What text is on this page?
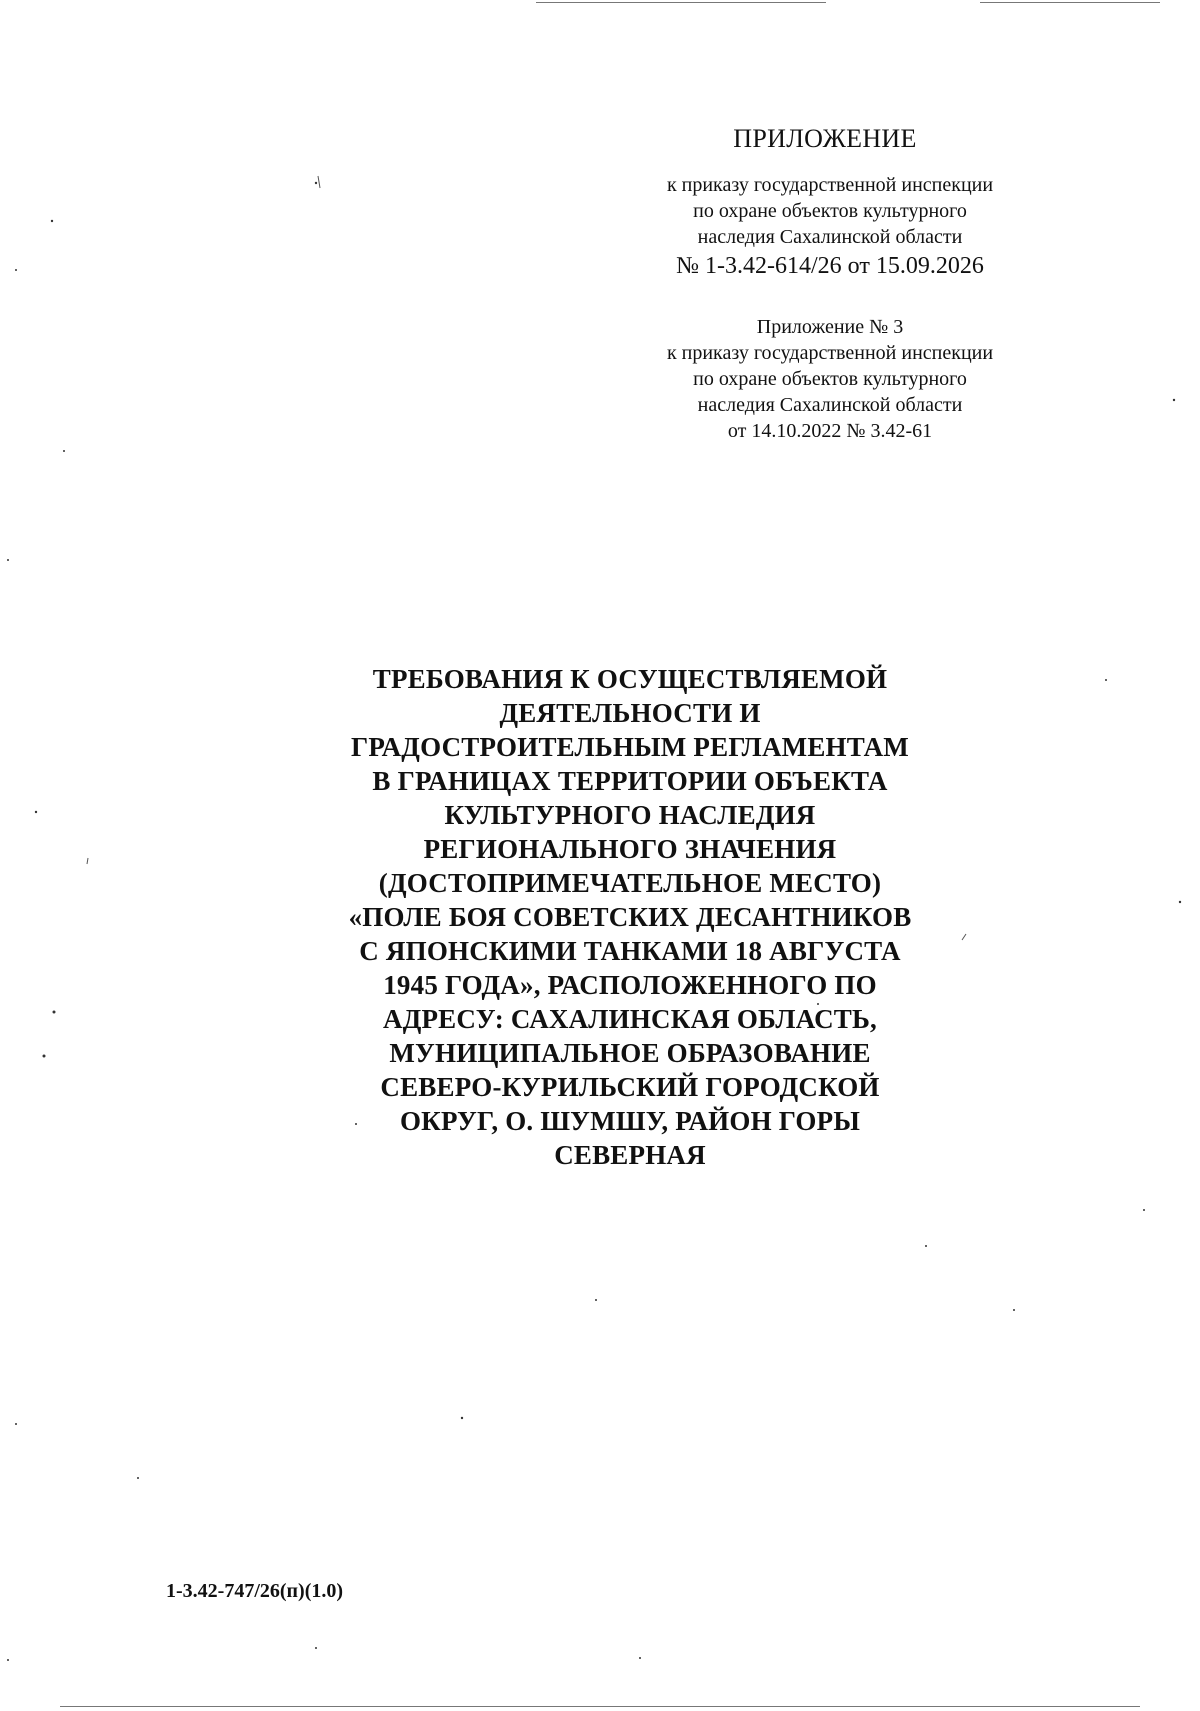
ПРИЛОЖЕНИЕ
к приказу государственной инспекции
по охране объектов культурного
наследия Сахалинской области
№ 1-3.42-614/26 от 15.09.2026
Приложение № 3
к приказу государственной инспекции
по охране объектов культурного
наследия Сахалинской области
от 14.10.2022 № 3.42-61
ТРЕБОВАНИЯ К ОСУЩЕСТВЛЯЕМОЙ
ДЕЯТЕЛЬНОСТИ И
ГРАДОСТРОИТЕЛЬНЫМ РЕГЛАМЕНТАМ
В ГРАНИЦАХ ТЕРРИТОРИИ ОБЪЕКТА
КУЛЬТУРНОГО НАСЛЕДИЯ
РЕГИОНАЛЬНОГО ЗНАЧЕНИЯ
(ДОСТОПРИМЕЧАТЕЛЬНОЕ МЕСТО)
«ПОЛЕ БОЯ СОВЕТСКИХ ДЕСАНТНИКОВ
С ЯПОНСКИМИ ТАНКАМИ 18 АВГУСТА
1945 ГОДА», РАСПОЛОЖЕННОГО ПО
АДРЕСУ: САХАЛИНСКАЯ ОБЛАСТЬ,
МУНИЦИПАЛЬНОЕ ОБРАЗОВАНИЕ
СЕВЕРО-КУРИЛЬСКИЙ ГОРОДСКОЙ
ОКРУГ, О. ШУМШУ, РАЙОН ГОРЫ
СЕВЕРНАЯ
1-3.42-747/26(п)(1.0)
